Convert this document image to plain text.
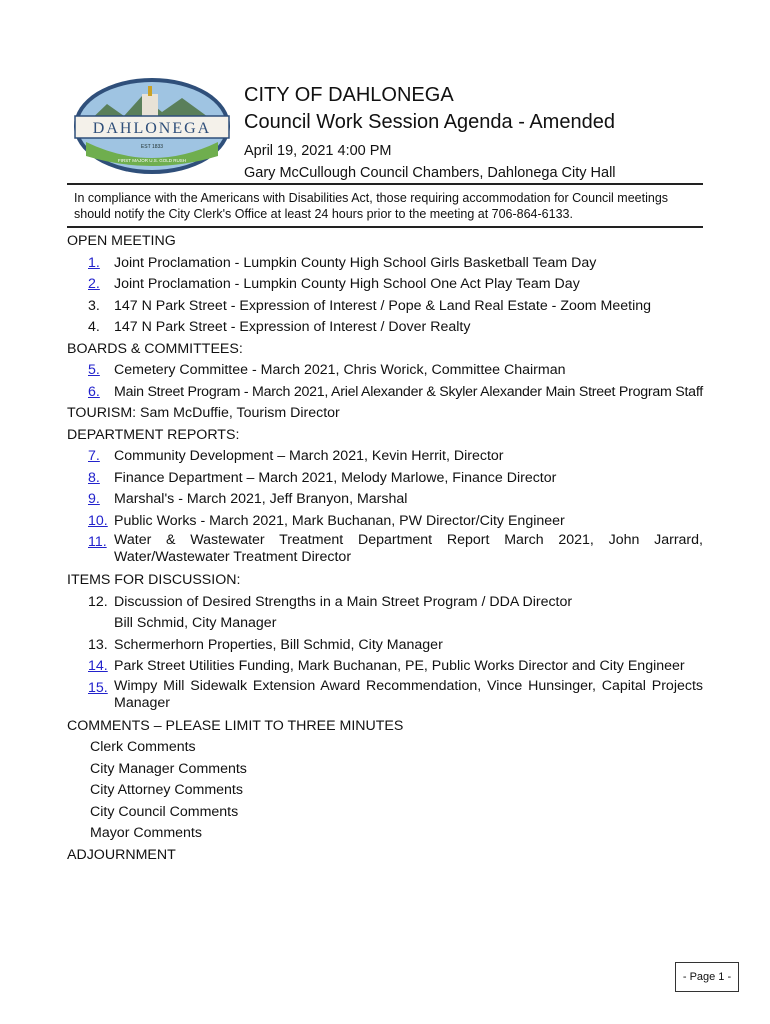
DAHLONEGA
EST 1833
FIRST MAJOR U.S. GOLD RUSH
CITY OF DAHLONEGA
Council Work Session Agenda - Amended
April 19, 2021 4:00 PM
Gary McCullough Council Chambers, Dahlonega City Hall
In compliance with the Americans with Disabilities Act, those requiring accommodation for Council meetings should notify the City Clerk's Office at least 24 hours prior to the meeting at 706-864-6133.
OPEN MEETING
1. Joint Proclamation - Lumpkin County High School Girls Basketball Team Day
2. Joint Proclamation - Lumpkin County High School One Act Play Team Day
3. 147 N Park Street - Expression of Interest / Pope & Land Real Estate - Zoom Meeting
4. 147 N Park Street - Expression of Interest / Dover Realty
BOARDS & COMMITTEES:
5. Cemetery Committee - March 2021, Chris Worick, Committee Chairman
6. Main Street Program - March 2021, Ariel Alexander & Skyler Alexander Main Street Program Staff
TOURISM: Sam McDuffie, Tourism Director
DEPARTMENT REPORTS:
7. Community Development – March 2021, Kevin Herrit, Director
8. Finance Department – March 2021, Melody Marlowe, Finance Director
9. Marshal's - March 2021, Jeff Branyon, Marshal
10. Public Works - March 2021, Mark Buchanan, PW Director/City Engineer
11. Water & Wastewater Treatment Department Report March 2021, John Jarrard, Water/Wastewater Treatment Director
ITEMS FOR DISCUSSION:
12. Discussion of Desired Strengths in a Main Street Program / DDA Director
Bill Schmid, City Manager
13. Schermerhorn Properties, Bill Schmid, City Manager
14. Park Street Utilities Funding, Mark Buchanan, PE, Public Works Director and City Engineer
15. Wimpy Mill Sidewalk Extension Award Recommendation, Vince Hunsinger, Capital Projects Manager
COMMENTS – PLEASE LIMIT TO THREE MINUTES
Clerk Comments
City Manager Comments
City Attorney Comments
City Council Comments
Mayor Comments
ADJOURNMENT
- Page 1 -
